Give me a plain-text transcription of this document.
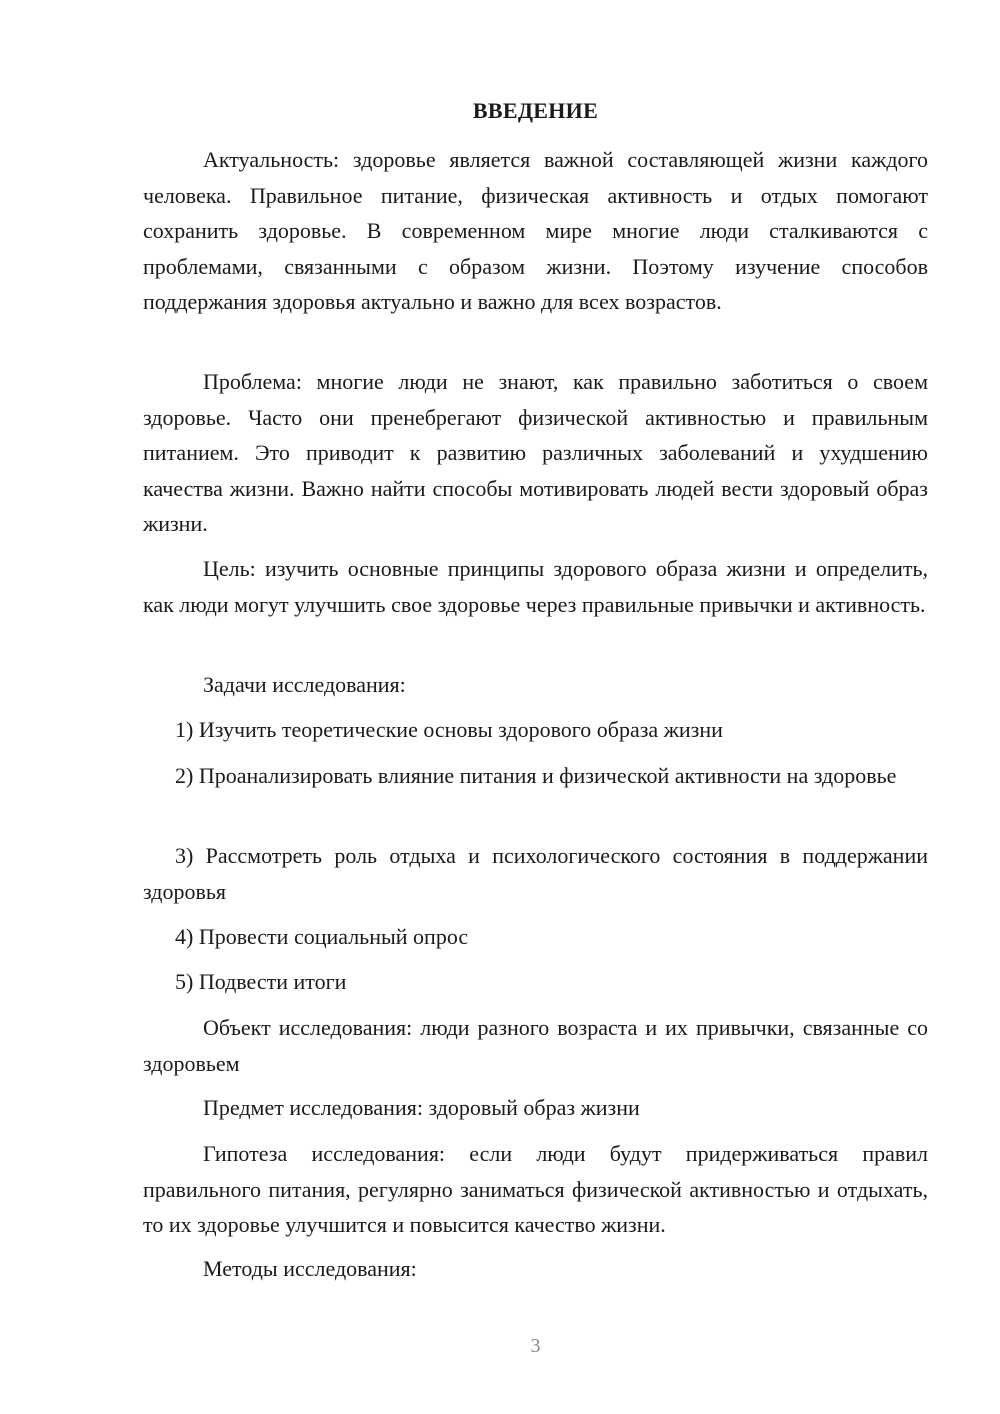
ВВЕДЕНИЕ

Актуальность: здоровье является важной составляющей жизни каждого человека. Правильное питание, физическая активность и отдых помогают сохранить здоровье. В современном мире многие люди сталкиваются с проблемами, связанными с образом жизни. Поэтому изучение способов поддержания здоровья актуально и важно для всех возрастов.

Проблема: многие люди не знают, как правильно заботиться о своем здоровье. Часто они пренебрегают физической активностью и правильным питанием. Это приводит к развитию различных заболеваний и ухудшению качества жизни. Важно найти способы мотивировать людей вести здоровый образ жизни.

Цель: изучить основные принципы здорового образа жизни и определить, как люди могут улучшить свое здоровье через правильные привычки и активность.

Задачи исследования:

1) Изучить теоретические основы здорового образа жизни

2) Проанализировать влияние питания и физической активности на здоровье

3) Рассмотреть роль отдыха и психологического состояния в поддержании здоровья

4) Провести социальный опрос

5) Подвести итоги

Объект исследования: люди разного возраста и их привычки, связанные со здоровьем

Предмет исследования: здоровый образ жизни

Гипотеза исследования: если люди будут придерживаться правил правильного питания, регулярно заниматься физической активностью и отдыхать, то их здоровье улучшится и повысится качество жизни.

Методы исследования:

3
